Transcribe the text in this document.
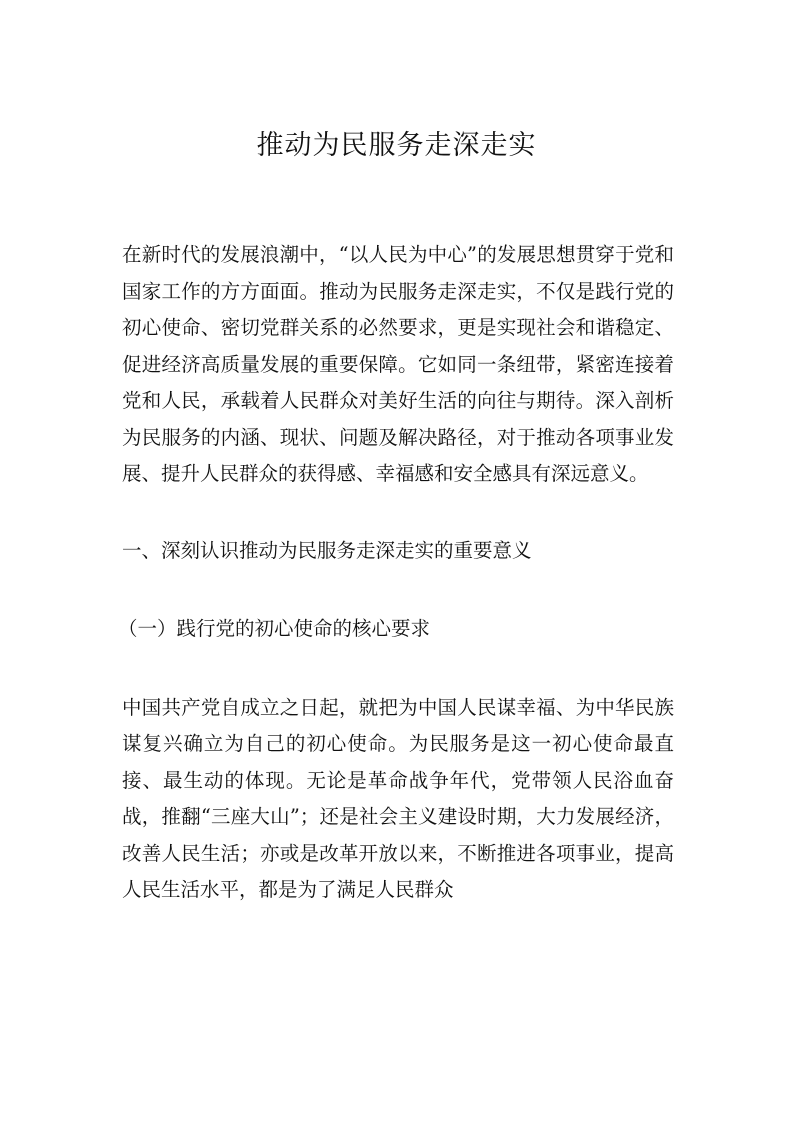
推动为民服务走深走实

在新时代的发展浪潮中，“以人民为中心”的发展思想贯穿于党和国家工作的方方面面。推动为民服务走深走实，不仅是践行党的初心使命、密切党群关系的必然要求，更是实现社会和谐稳定、促进经济高质量发展的重要保障。它如同一条纽带，紧密连接着党和人民，承载着人民群众对美好生活的向往与期待。深入剖析为民服务的内涵、现状、问题及解决路径，对于推动各项事业发展、提升人民群众的获得感、幸福感和安全感具有深远意义。

一、深刻认识推动为民服务走深走实的重要意义

（一）践行党的初心使命的核心要求

中国共产党自成立之日起，就把为中国人民谋幸福、为中华民族谋复兴确立为自己的初心使命。为民服务是这一初心使命最直接、最生动的体现。无论是革命战争年代，党带领人民浴血奋战，推翻“三座大山”；还是社会主义建设时期，大力发展经济，改善人民生活；亦或是改革开放以来，不断推进各项事业，提高人民生活水平，都是为了满足人民群众
